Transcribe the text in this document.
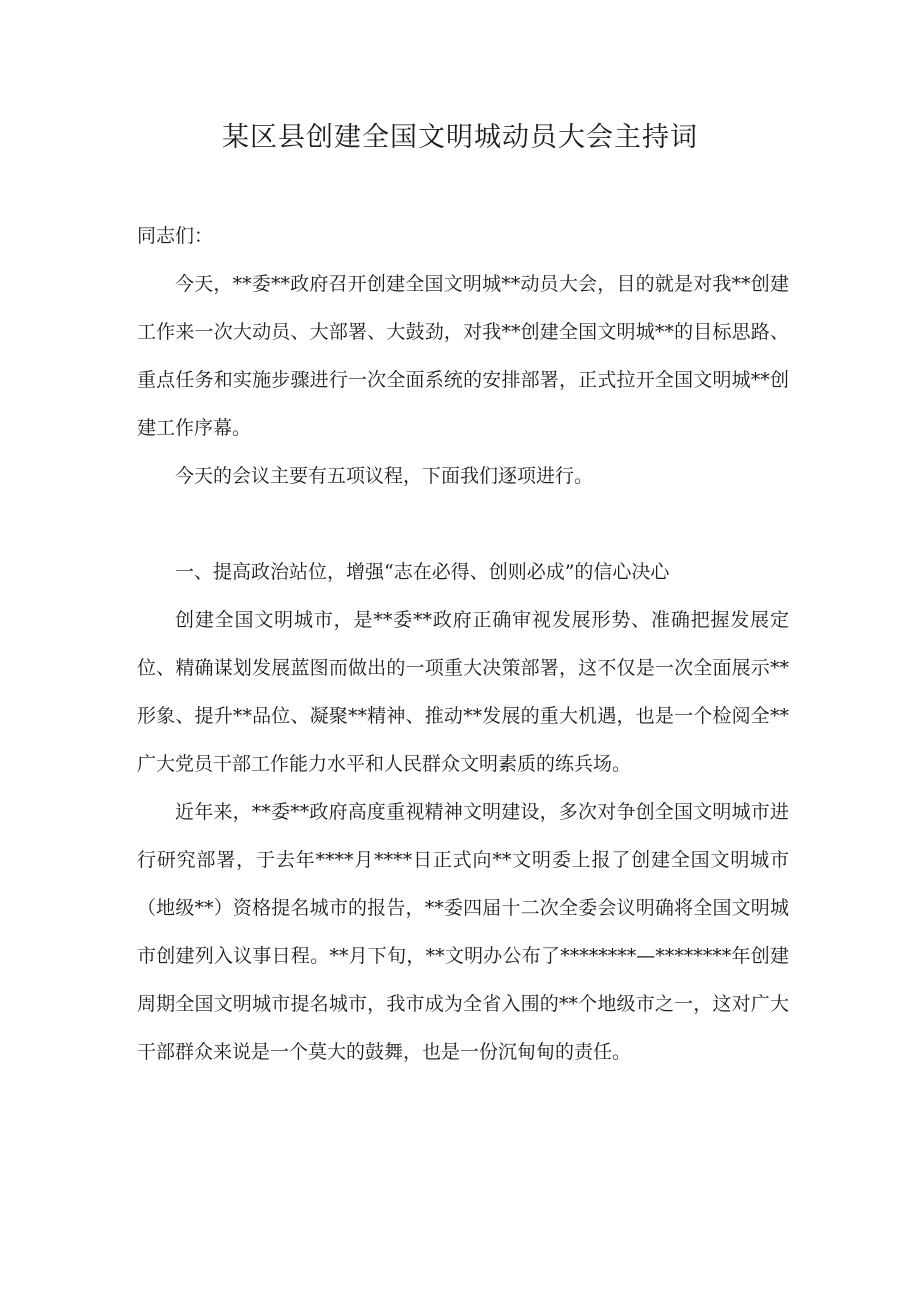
某区县创建全国文明城动员大会主持词

同志们：

今天，**委**政府召开创建全国文明城**动员大会，目的就是对我**创建工作来一次大动员、大部署、大鼓劲，对我**创建全国文明城**的目标思路、重点任务和实施步骤进行一次全面系统的安排部署，正式拉开全国文明城**创建工作序幕。

今天的会议主要有五项议程，下面我们逐项进行。

一、提高政治站位，增强“志在必得、创则必成”的信心决心

创建全国文明城市，是**委**政府正确审视发展形势、准确把握发展定位、精确谋划发展蓝图而做出的一项重大决策部署，这不仅是一次全面展示**形象、提升**品位、凝聚**精神、推动**发展的重大机遇，也是一个检阅全**广大党员干部工作能力水平和人民群众文明素质的练兵场。

近年来，**委**政府高度重视精神文明建设，多次对争创全国文明城市进行研究部署，于去年****月****日正式向**文明委上报了创建全国文明城市（地级**）资格提名城市的报告，**委四届十二次全委会议明确将全国文明城市创建列入议事日程。**月下旬，**文明办公布了********—********年创建周期全国文明城市提名城市，我市成为全省入围的**个地级市之一，这对广大干部群众来说是一个莫大的鼓舞，也是一份沉甸甸的责任。
